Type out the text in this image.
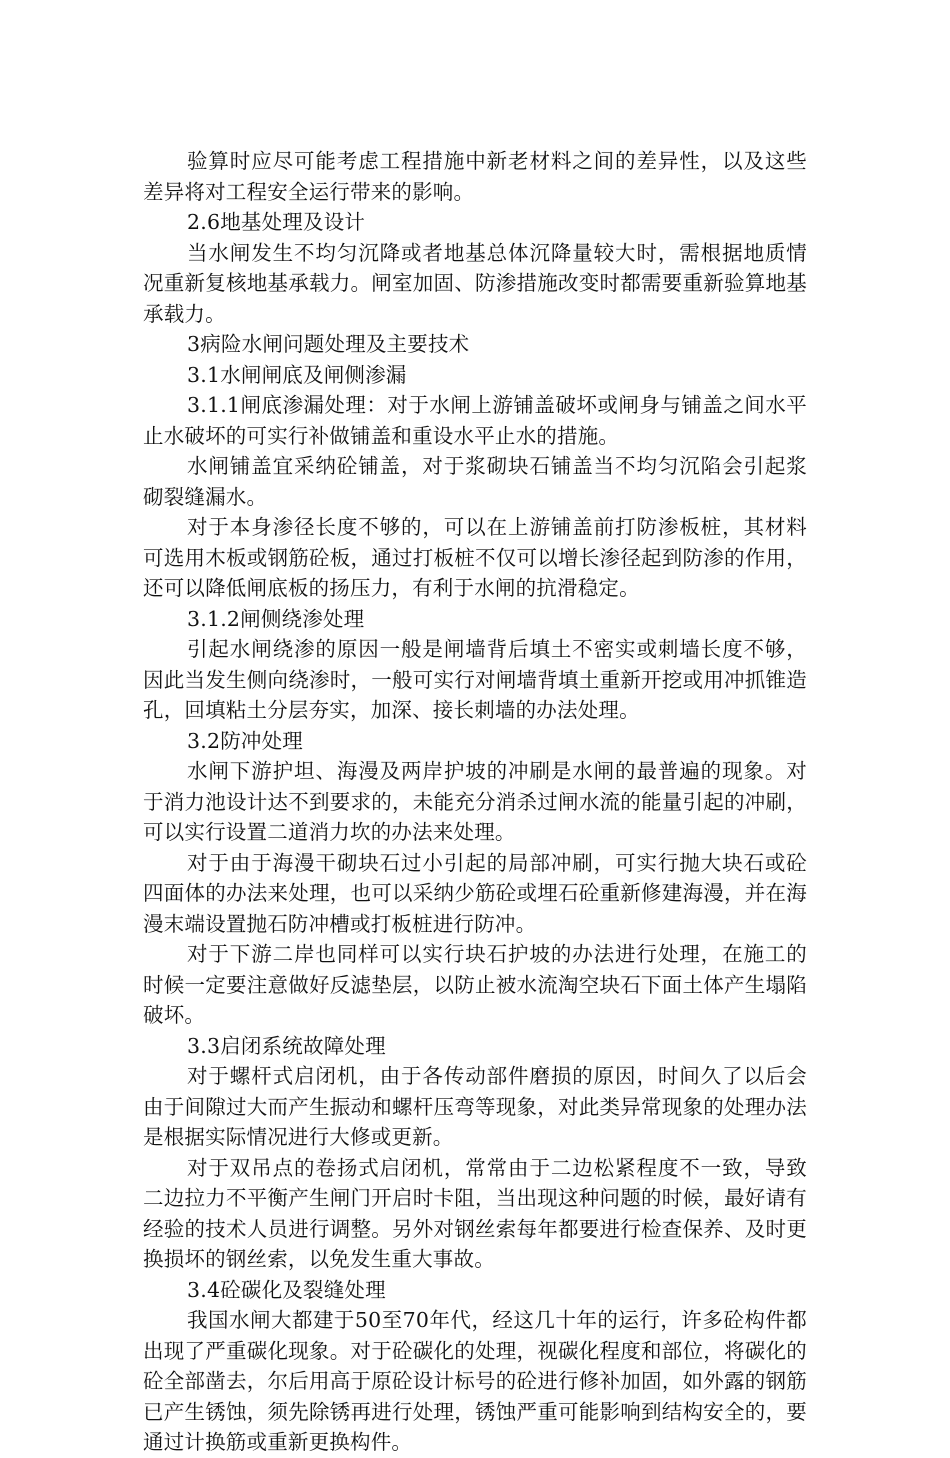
验算时应尽可能考虑工程措施中新老材料之间的差异性，以及这些差异将对工程安全运行带来的影响。

2.6地基处理及设计

当水闸发生不均匀沉降或者地基总体沉降量较大时，需根据地质情况重新复核地基承载力。闸室加固、防渗措施改变时都需要重新验算地基承载力。

3病险水闸问题处理及主要技术

3.1水闸闸底及闸侧渗漏

3.1.1闸底渗漏处理：对于水闸上游铺盖破坏或闸身与铺盖之间水平止水破坏的可实行补做铺盖和重设水平止水的措施。

水闸铺盖宜采纳砼铺盖，对于浆砌块石铺盖当不均匀沉陷会引起浆砌裂缝漏水。

对于本身渗径长度不够的，可以在上游铺盖前打防渗板桩，其材料可选用木板或钢筋砼板，通过打板桩不仅可以增长渗径起到防渗的作用，还可以降低闸底板的扬压力，有利于水闸的抗滑稳定。

3.1.2闸侧绕渗处理

引起水闸绕渗的原因一般是闸墙背后填土不密实或刺墙长度不够，因此当发生侧向绕渗时，一般可实行对闸墙背填土重新开挖或用冲抓锥造孔，回填粘土分层夯实，加深、接长刺墙的办法处理。

3.2防冲处理

水闸下游护坦、海漫及两岸护坡的冲刷是水闸的最普遍的现象。对于消力池设计达不到要求的，未能充分消杀过闸水流的能量引起的冲刷，可以实行设置二道消力坎的办法来处理。

对于由于海漫干砌块石过小引起的局部冲刷，可实行抛大块石或砼四面体的办法来处理，也可以采纳少筋砼或埋石砼重新修建海漫，并在海漫末端设置抛石防冲槽或打板桩进行防冲。

对于下游二岸也同样可以实行块石护坡的办法进行处理，在施工的时候一定要注意做好反滤垫层，以防止被水流淘空块石下面土体产生塌陷破坏。

3.3启闭系统故障处理

对于螺杆式启闭机，由于各传动部件磨损的原因，时间久了以后会由于间隙过大而产生振动和螺杆压弯等现象，对此类异常现象的处理办法是根据实际情况进行大修或更新。

对于双吊点的卷扬式启闭机，常常由于二边松紧程度不一致，导致二边拉力不平衡产生闸门开启时卡阻，当出现这种问题的时候，最好请有经验的技术人员进行调整。另外对钢丝索每年都要进行检查保养、及时更换损坏的钢丝索，以免发生重大事故。

3.4砼碳化及裂缝处理

我国水闸大都建于50至70年代，经这几十年的运行，许多砼构件都出现了严重碳化现象。对于砼碳化的处理，视碳化程度和部位，将碳化的砼全部凿去，尔后用高于原砼设计标号的砼进行修补加固，如外露的钢筋已产生锈蚀，须先除锈再进行处理，锈蚀严重可能影响到结构安全的，要通过计换筋或重新更换构件。
